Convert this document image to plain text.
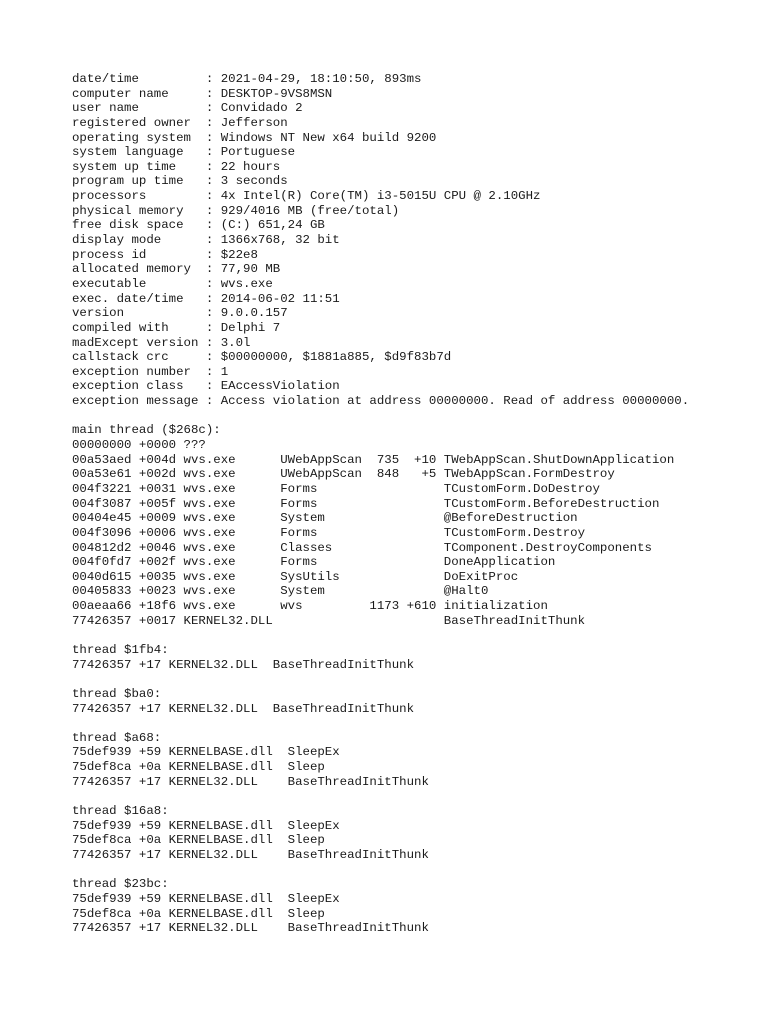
date/time         : 2021-04-29, 18:10:50, 893ms
computer name     : DESKTOP-9VS8MSN
user name         : Convidado 2
registered owner  : Jefferson
operating system  : Windows NT New x64 build 9200
system language   : Portuguese
system up time    : 22 hours
program up time   : 3 seconds
processors        : 4x Intel(R) Core(TM) i3-5015U CPU @ 2.10GHz
physical memory   : 929/4016 MB (free/total)
free disk space   : (C:) 651,24 GB
display mode      : 1366x768, 32 bit
process id        : $22e8
allocated memory  : 77,90 MB
executable        : wvs.exe
exec. date/time   : 2014-06-02 11:51
version           : 9.0.0.157
compiled with     : Delphi 7
madExcept version : 3.0l
callstack crc     : $00000000, $1881a885, $d9f83b7d
exception number  : 1
exception class   : EAccessViolation
exception message : Access violation at address 00000000. Read of address 00000000.
main thread ($268c):
00000000 +0000 ???
00a53aed +004d wvs.exe      UWebAppScan  735  +10 TWebAppScan.ShutDownApplication
00a53e61 +002d wvs.exe      UWebAppScan  848   +5 TWebAppScan.FormDestroy
004f3221 +0031 wvs.exe      Forms                 TCustomForm.DoDestroy
004f3087 +005f wvs.exe      Forms                 TCustomForm.BeforeDestruction
00404e45 +0009 wvs.exe      System                @BeforeDestruction
004f3096 +0006 wvs.exe      Forms                 TCustomForm.Destroy
004812d2 +0046 wvs.exe      Classes               TComponent.DestroyComponents
004f0fd7 +002f wvs.exe      Forms                 DoneApplication
0040d615 +0035 wvs.exe      SysUtils              DoExitProc
00405833 +0023 wvs.exe      System                @Halt0
00aeaa66 +18f6 wvs.exe      wvs         1173 +610 initialization
77426357 +0017 KERNEL32.DLL                       BaseThreadInitThunk
thread $1fb4:
77426357 +17 KERNEL32.DLL  BaseThreadInitThunk
thread $ba0:
77426357 +17 KERNEL32.DLL  BaseThreadInitThunk
thread $a68:
75def939 +59 KERNELBASE.dll  SleepEx
75def8ca +0a KERNELBASE.dll  Sleep
77426357 +17 KERNEL32.DLL    BaseThreadInitThunk
thread $16a8:
75def939 +59 KERNELBASE.dll  SleepEx
75def8ca +0a KERNELBASE.dll  Sleep
77426357 +17 KERNEL32.DLL    BaseThreadInitThunk
thread $23bc:
75def939 +59 KERNELBASE.dll  SleepEx
75def8ca +0a KERNELBASE.dll  Sleep
77426357 +17 KERNEL32.DLL    BaseThreadInitThunk
